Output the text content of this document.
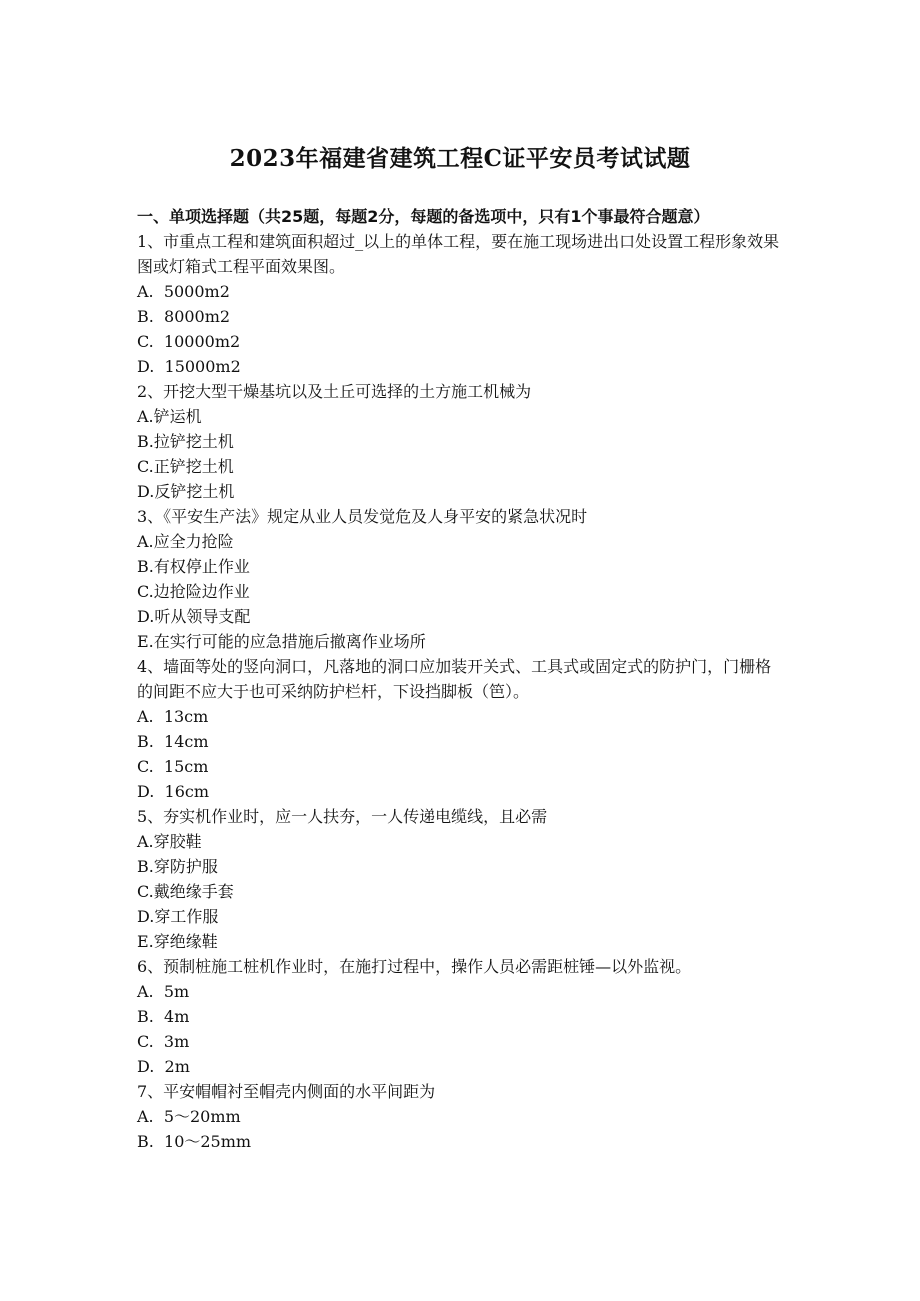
2023年福建省建筑工程C证平安员考试试题
一、单项选择题（共25题，每题2分，每题的备选项中，只有1个事最符合题意）
1、市重点工程和建筑面积超过_以上的单体工程，要在施工现场进出口处设置工程形象效果图或灯箱式工程平面效果图。
A.  5000m2
B.  8000m2
C.  10000m2
D.  15000m2
2、开挖大型干燥基坑以及土丘可选择的土方施工机械为
A.铲运机
B.拉铲挖土机
C.正铲挖土机
D.反铲挖土机
3、《平安生产法》规定从业人员发觉危及人身平安的紧急状况时
A.应全力抢险
B.有权停止作业
C.边抢险边作业
D.听从领导支配
E.在实行可能的应急措施后撤离作业场所
4、墙面等处的竖向洞口，凡落地的洞口应加装开关式、工具式或固定式的防护门，门栅格的间距不应大于也可采纳防护栏杆，下设挡脚板（笆）。
A.  13cm
B.  14cm
C.  15cm
D.  16cm
5、夯实机作业时，应一人扶夯，一人传递电缆线，且必需
A.穿胶鞋
B.穿防护服
C.戴绝缘手套
D.穿工作服
E.穿绝缘鞋
6、预制桩施工桩机作业时，在施打过程中，操作人员必需距桩锤—以外监视。
A.  5m
B.  4m
C.  3m
D.  2m
7、平安帽帽衬至帽壳内侧面的水平间距为
A.  5～20mm
B.  10～25mm
